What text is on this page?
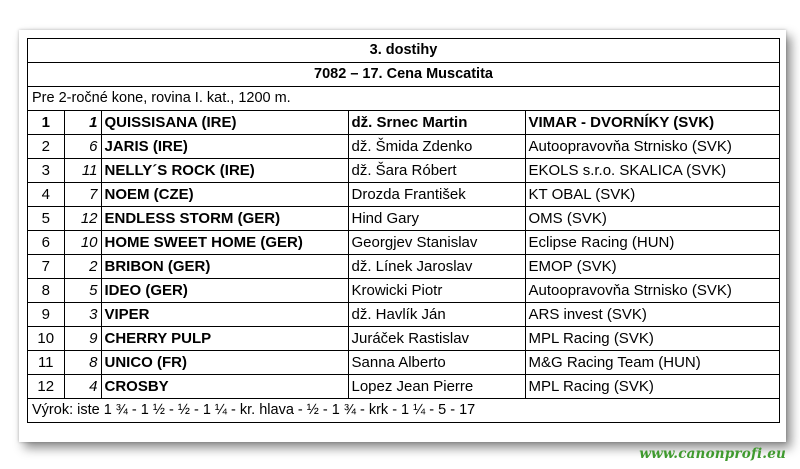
3. dostihy
7082 – 17. Cena Muscatita
Pre 2-ročné kone, rovina I. kat., 1200 m.
1	1	QUISSISANA (IRE)	dž. Srnec Martin	VIMAR - DVORNÍKY (SVK)
2	6	JARIS (IRE)	dž. Šmida Zdenko	Autoopravovňa Strnisko (SVK)
3	11	NELLY´S ROCK (IRE)	dž. Šara Róbert	EKOLS s.r.o. SKALICA (SVK)
4	7	NOEM (CZE)	Drozda František	KT OBAL (SVK)
5	12	ENDLESS STORM (GER)	Hind Gary	OMS (SVK)
6	10	HOME SWEET HOME (GER)	Georgjev Stanislav	Eclipse Racing (HUN)
7	2	BRIBON (GER)	dž. Línek Jaroslav	EMOP (SVK)
8	5	IDEO (GER)	Krowicki Piotr	Autoopravovňa Strnisko (SVK)
9	3	VIPER	dž. Havlík Ján	ARS invest (SVK)
10	9	CHERRY PULP	Juráček Rastislav	MPL Racing (SVK)
11	8	UNICO (FR)	Sanna Alberto	M&G Racing Team (HUN)
12	4	CROSBY	Lopez Jean Pierre	MPL Racing (SVK)
Výrok: iste 1 ¾ - 1 ½ - ½ - 1 ¼ - kr. hlava - ½ - 1 ¾ - krk - 1 ¼ - 5 - 17
www.canonprofi.eu
